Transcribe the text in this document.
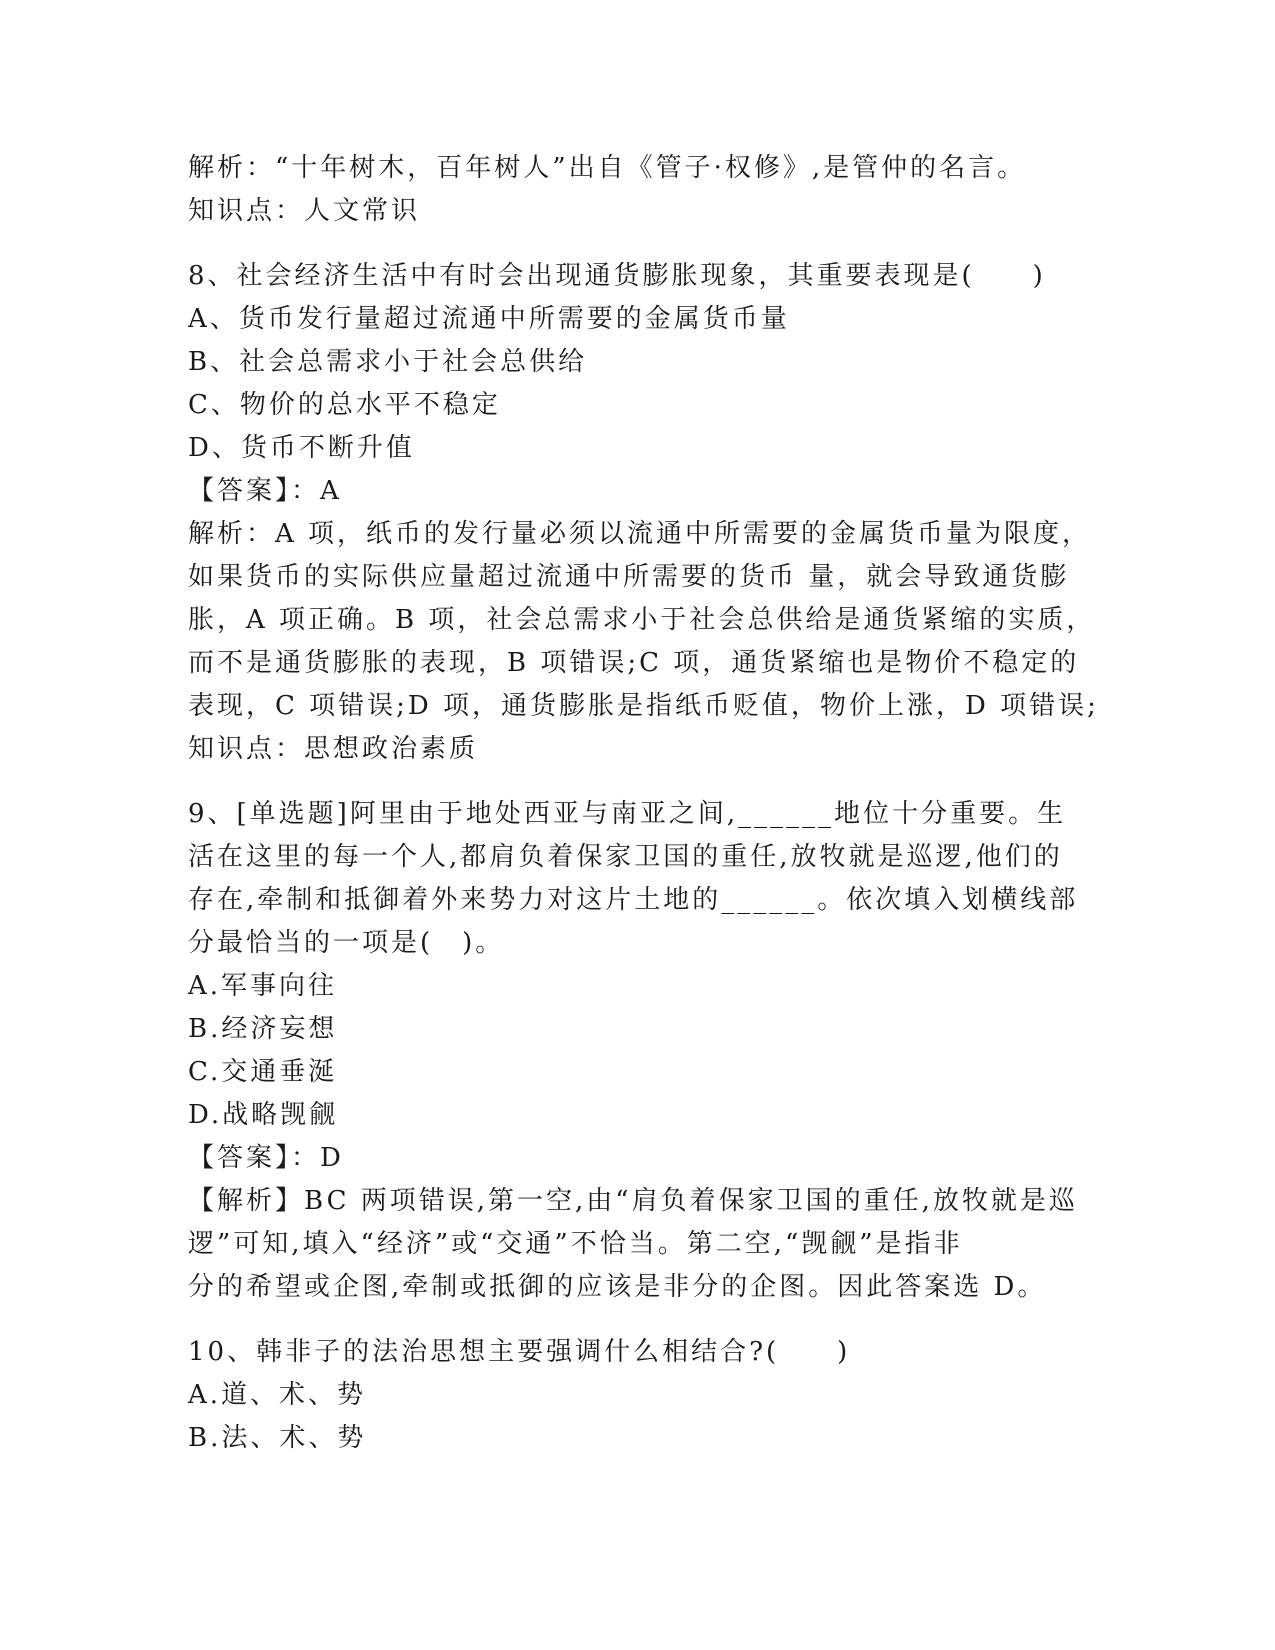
解析：“十年树木，百年树人”出自《管子·权修》,是管仲的名言。
知识点：人文常识
8、社会经济生活中有时会出现通货膨胀现象，其重要表现是(　　)
A、货币发行量超过流通中所需要的金属货币量
B、社会总需求小于社会总供给
C、物价的总水平不稳定
D、货币不断升值
【答案】：A
解析：A 项，纸币的发行量必须以流通中所需要的金属货币量为限度，
如果货币的实际供应量超过流通中所需要的货币 量，就会导致通货膨
胀，A 项正确。B 项，社会总需求小于社会总供给是通货紧缩的实质，
而不是通货膨胀的表现，B 项错误;C 项，通货紧缩也是物价不稳定的
表现，C 项错误;D 项，通货膨胀是指纸币贬值，物价上涨，D 项错误;
知识点：思想政治素质
9、[单选题]阿里由于地处西亚与南亚之间,______地位十分重要。生
活在这里的每一个人,都肩负着保家卫国的重任,放牧就是巡逻,他们的
存在,牵制和抵御着外来势力对这片土地的______。依次填入划横线部
分最恰当的一项是(　)。
A.军事向往
B.经济妄想
C.交通垂涎
D.战略觊觎
【答案】：D
【解析】BC 两项错误,第一空,由“肩负着保家卫国的重任,放牧就是巡
逻”可知,填入“经济”或“交通”不恰当。第二空,“觊觎”是指非
分的希望或企图,牵制或抵御的应该是非分的企图。因此答案选 D。
10、韩非子的法治思想主要强调什么相结合?(　　)
A.道、术、势
B.法、术、势
